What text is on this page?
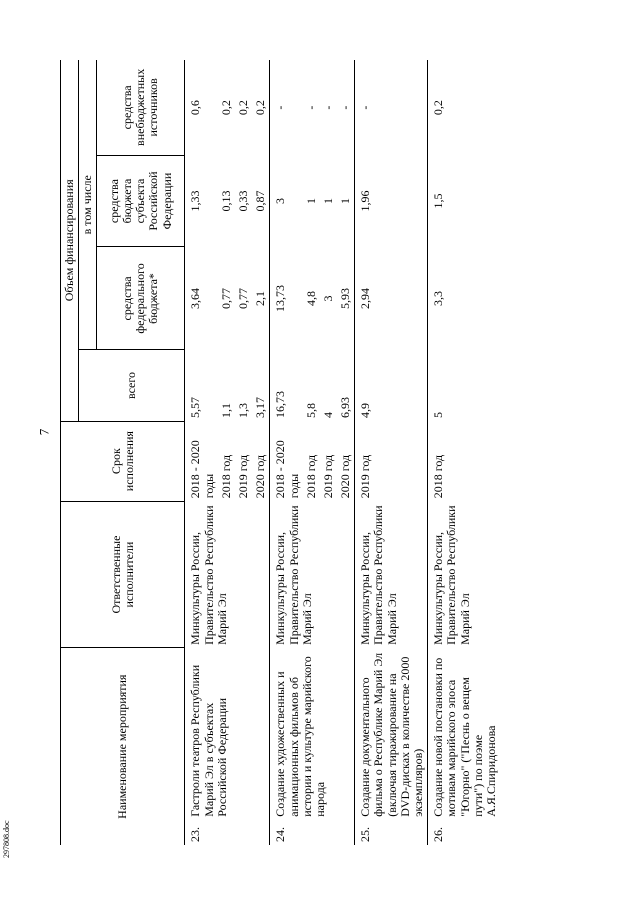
7
297808.doc
Наименование мероприятия		Ответственные исполнители	Срок исполнения	Объем финансирования			
				всего	в том числе		
					средства федерального бюджета*	средства бюджета субъекта Российской Федерации	средства внебюджетных источников
23.	Гастроли театров Республики Марий Эл в субъектах Российской Федерации	Минкультуры России, Правительство Республики Марий Эл	2018 - 2020 годы	5,57	3,64	1,33	0,6
			2018 год	1,1	0,77	0,13	0,2
			2019 год	1,3	0,77	0,33	0,2
			2020 год	3,17	2,1	0,87	0,2
24.	Создание художественных и анимационных фильмов об истории и культуре марийского народа	Минкультуры России, Правительство Республики Марий Эл	2018 - 2020 годы	16,73	13,73	3	-
			2018 год	5,8	4,8	1	-
			2019 год	4	3	1	-
			2020 год	6,93	5,93	1	-
25.	Создание документального фильма о Республике Марий Эл (включая тиражирование на DVD-дисках в количестве 2000 экземпляров)	Минкультуры России, Правительство Республики Марий Эл	2019 год	4,9	2,94	1,96	-
26.	Создание новой постановки по мотивам марийского эпоса "Югорно" ("Песнь о вещем пути") по поэме А.Я.Спиридонова	Минкультуры России, Правительство Республики Марий Эл	2018 год	5	3,3	1,5	0,2
